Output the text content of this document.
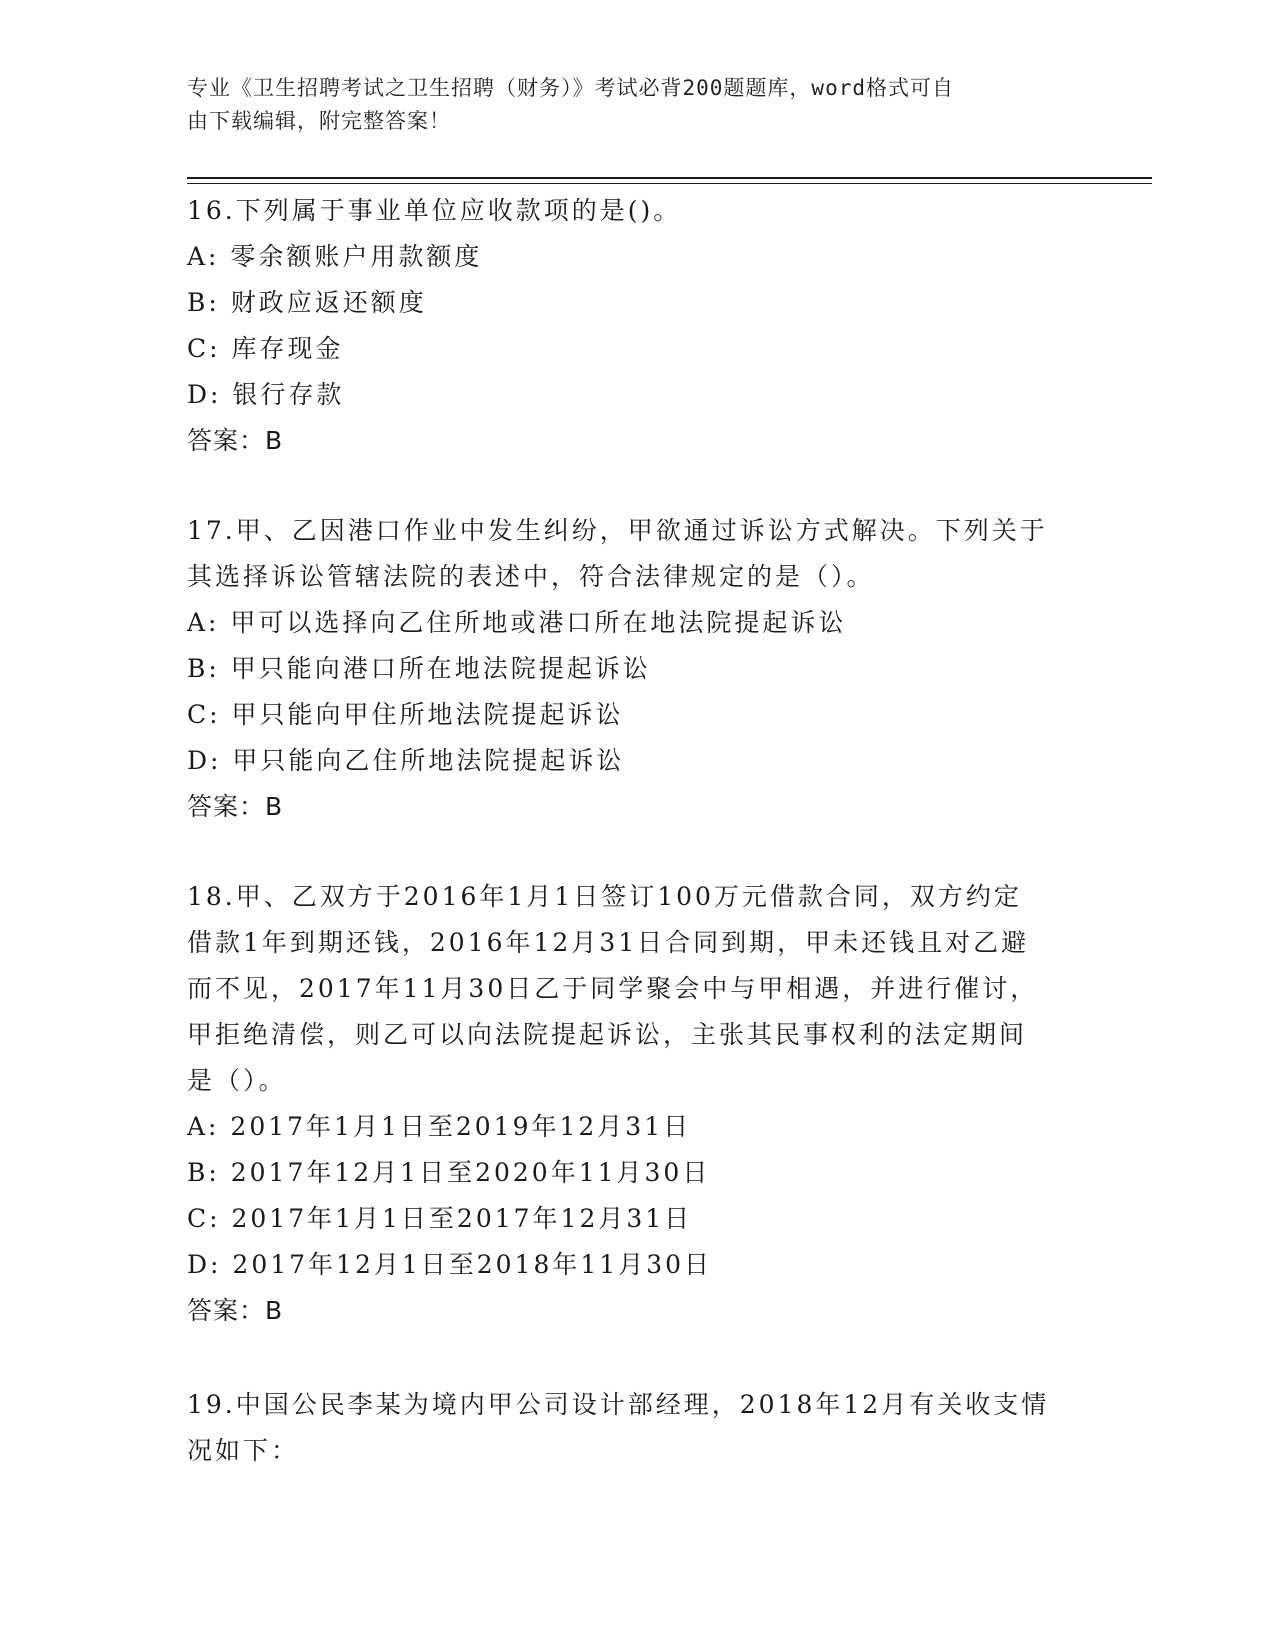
专业《卫生招聘考试之卫生招聘（财务）》考试必背200题题库，word格式可自
由下载编辑，附完整答案！
16.下列属于事业单位应收款项的是()。
A: 零余额账户用款额度
B: 财政应返还额度
C: 库存现金
D: 银行存款
答案：B
17.甲、乙因港口作业中发生纠纷，甲欲通过诉讼方式解决。下列关于
其选择诉讼管辖法院的表述中，符合法律规定的是（）。
A: 甲可以选择向乙住所地或港口所在地法院提起诉讼
B: 甲只能向港口所在地法院提起诉讼
C: 甲只能向甲住所地法院提起诉讼
D: 甲只能向乙住所地法院提起诉讼
答案：B
18.甲、乙双方于2016年1月1日签订100万元借款合同，双方约定
借款1年到期还钱，2016年12月31日合同到期，甲未还钱且对乙避
而不见，2017年11月30日乙于同学聚会中与甲相遇，并进行催讨，
甲拒绝清偿，则乙可以向法院提起诉讼，主张其民事权利的法定期间
是（）。
A: 2017年1月1日至2019年12月31日
B: 2017年12月1日至2020年11月30日
C: 2017年1月1日至2017年12月31日
D: 2017年12月1日至2018年11月30日
答案：B
19.中国公民李某为境内甲公司设计部经理，2018年12月有关收支情
况如下：
